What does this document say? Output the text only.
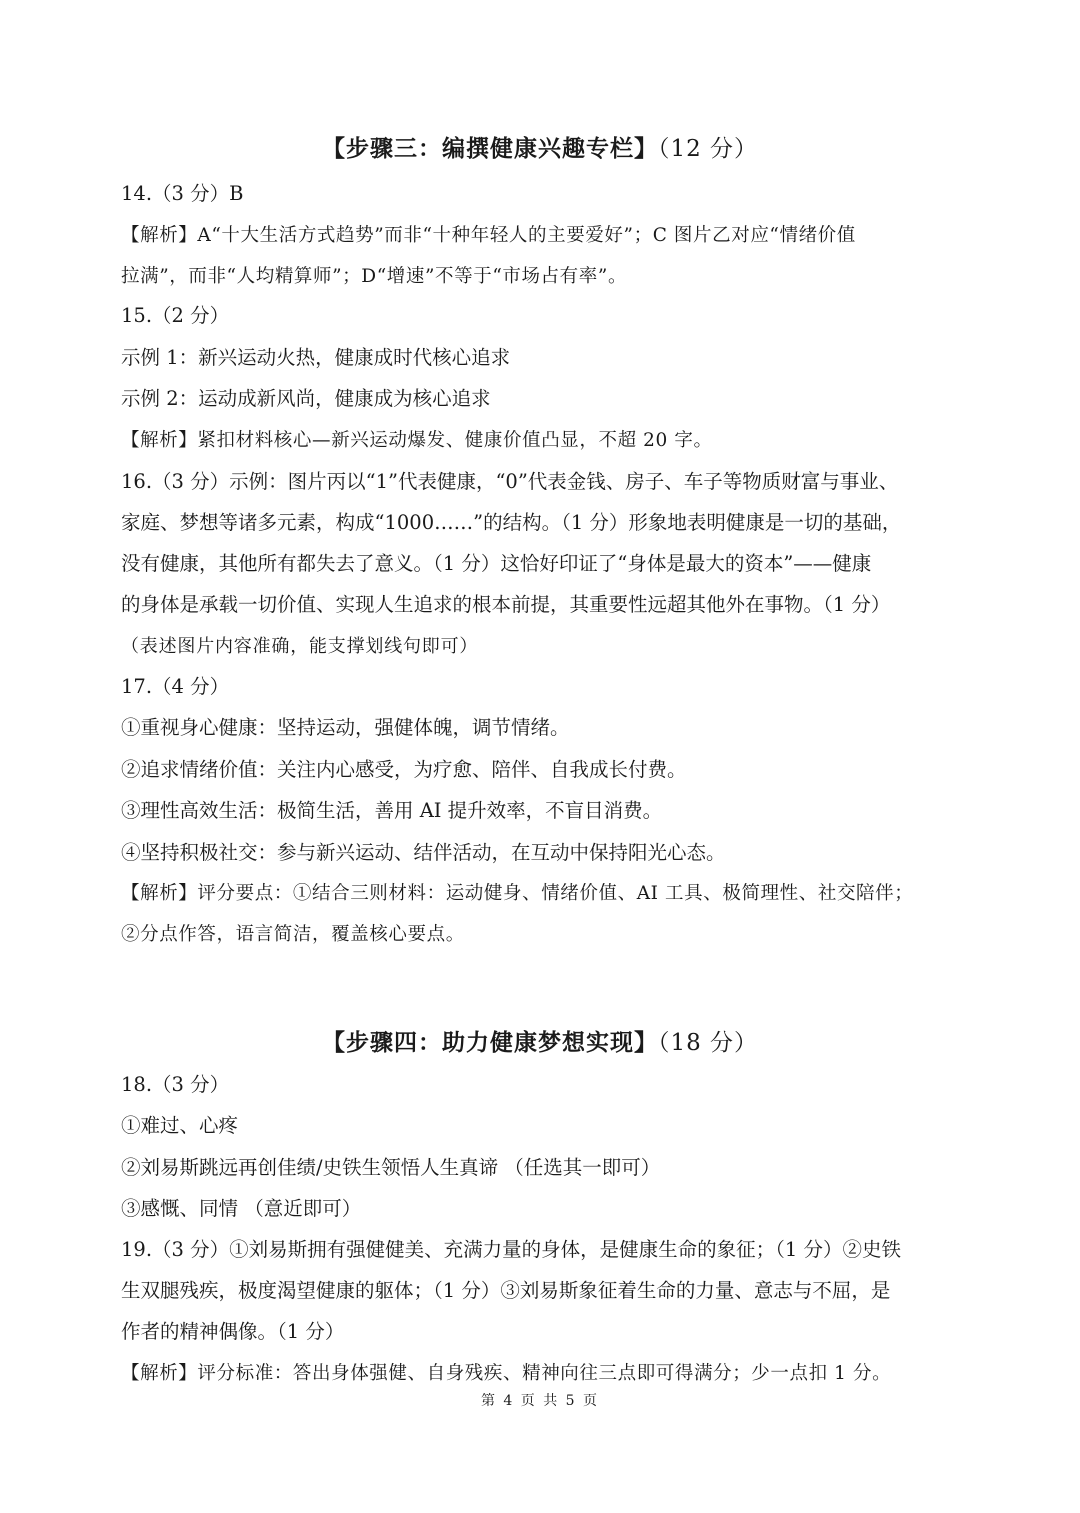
【步骤三：编撰健康兴趣专栏】（12 分）
14.（3 分）B
【解析】A“十大生活方式趋势”而非“十种年轻人的主要爱好”；C 图片乙对应“情绪价值
拉满”，而非“人均精算师”；D“增速”不等于“市场占有率”。
15.（2 分）
示例 1：新兴运动火热，健康成时代核心追求
示例 2：运动成新风尚，健康成为核心追求
【解析】紧扣材料核心—新兴运动爆发、健康价值凸显，不超 20 字。
16.（3 分）示例：图片丙以“1”代表健康，“0”代表金钱、房子、车子等物质财富与事业、
家庭、梦想等诸多元素，构成“1000……”的结构。（1 分）形象地表明健康是一切的基础，
没有健康，其他所有都失去了意义。（1 分）这恰好印证了“身体是最大的资本”——健康
的身体是承载一切价值、实现人生追求的根本前提，其重要性远超其他外在事物。（1 分）
（表述图片内容准确，能支撑划线句即可）
17.（4 分）
①重视身心健康：坚持运动，强健体魄，调节情绪。
②追求情绪价值：关注内心感受，为疗愈、陪伴、自我成长付费。
③理性高效生活：极简生活，善用 AI 提升效率，不盲目消费。
④坚持积极社交：参与新兴运动、结伴活动，在互动中保持阳光心态。
【解析】评分要点：①结合三则材料：运动健身、情绪价值、AI 工具、极简理性、社交陪伴；
②分点作答，语言简洁，覆盖核心要点。
【步骤四：助力健康梦想实现】（18 分）
18.（3 分）
①难过、心疼
②刘易斯跳远再创佳绩/史铁生领悟人生真谛 （任选其一即可）
③感慨、同情 （意近即可）
19.（3 分）①刘易斯拥有强健健美、充满力量的身体，是健康生命的象征；（1 分）②史铁
生双腿残疾，极度渴望健康的躯体；（1 分）③刘易斯象征着生命的力量、意志与不屈，是
作者的精神偶像。（1 分）
【解析】评分标准：答出身体强健、自身残疾、精神向往三点即可得满分；少一点扣 1 分。
第 4 页 共 5 页
